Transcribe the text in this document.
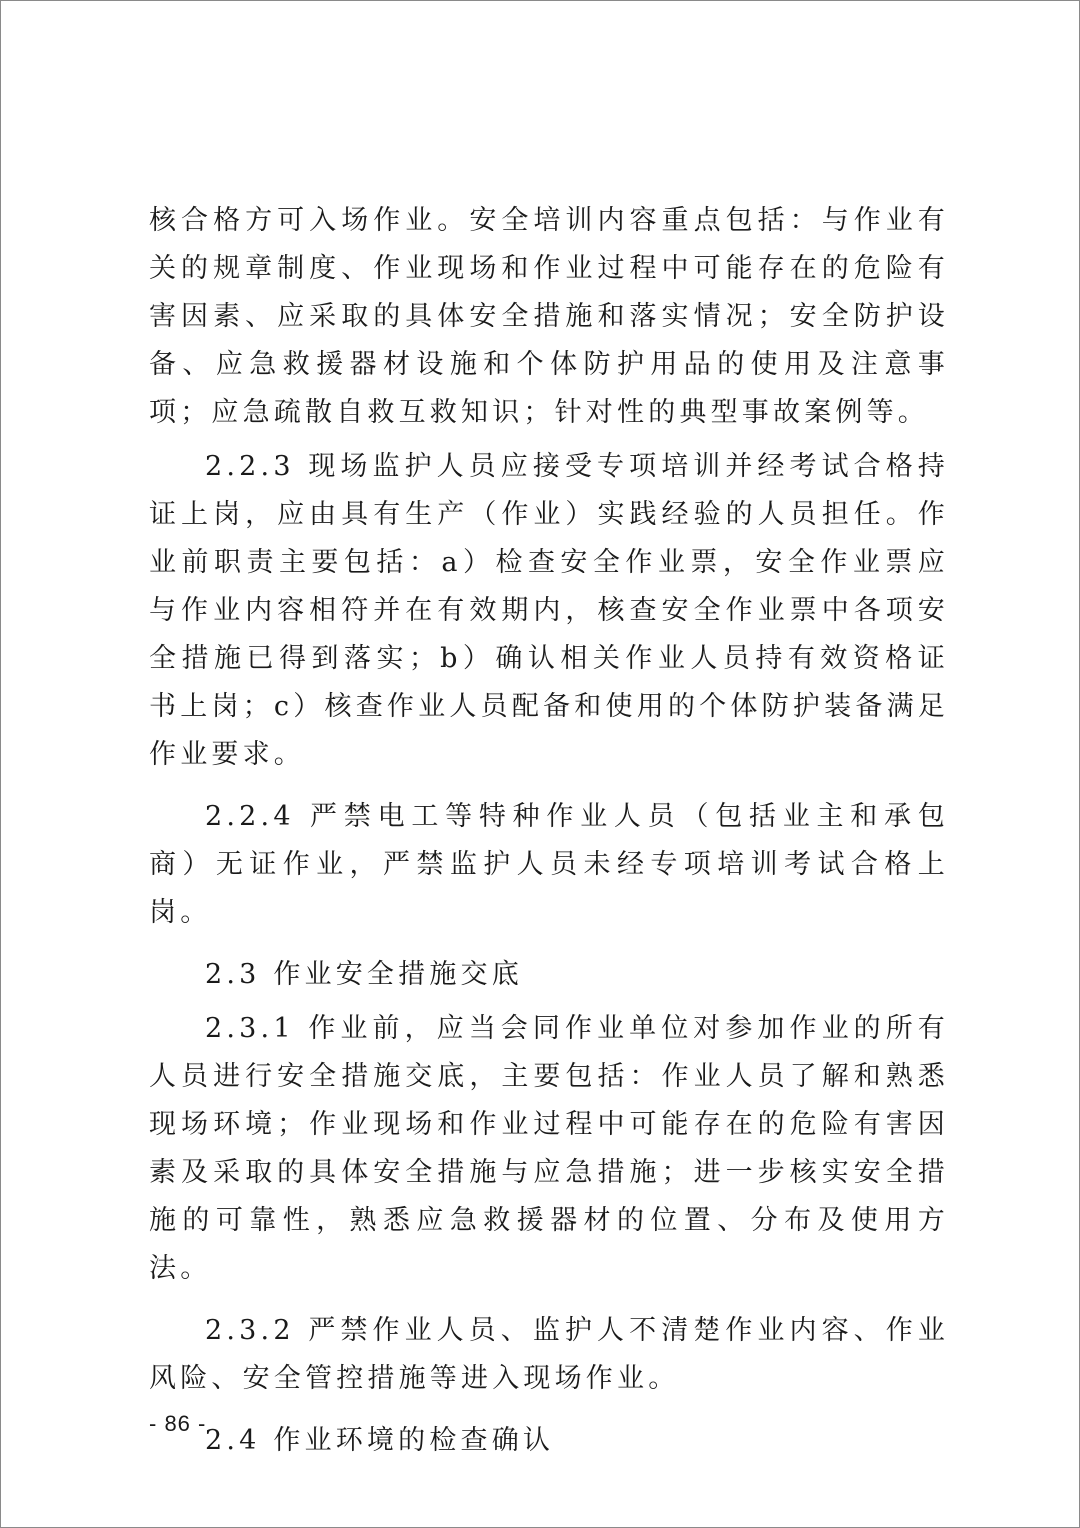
核合格方可入场作业。安全培训内容重点包括：与作业有关的规章制度、作业现场和作业过程中可能存在的危险有害因素、应采取的具体安全措施和落实情况；安全防护设备、应急救援器材设施和个体防护用品的使用及注意事项；应急疏散自救互救知识；针对性的典型事故案例等。

2.2.3 现场监护人员应接受专项培训并经考试合格持证上岗，应由具有生产（作业）实践经验的人员担任。作业前职责主要包括：a）检查安全作业票，安全作业票应与作业内容相符并在有效期内，核查安全作业票中各项安全措施已得到落实；b）确认相关作业人员持有效资格证书上岗；c）核查作业人员配备和使用的个体防护装备满足作业要求。

2.2.4 严禁电工等特种作业人员（包括业主和承包商）无证作业，严禁监护人员未经专项培训考试合格上岗。

2.3 作业安全措施交底

2.3.1 作业前，应当会同作业单位对参加作业的所有人员进行安全措施交底，主要包括：作业人员了解和熟悉现场环境；作业现场和作业过程中可能存在的危险有害因素及采取的具体安全措施与应急措施；进一步核实安全措施的可靠性，熟悉应急救援器材的位置、分布及使用方法。

2.3.2 严禁作业人员、监护人不清楚作业内容、作业风险、安全管控措施等进入现场作业。

2.4 作业环境的检查确认

- 86 -
